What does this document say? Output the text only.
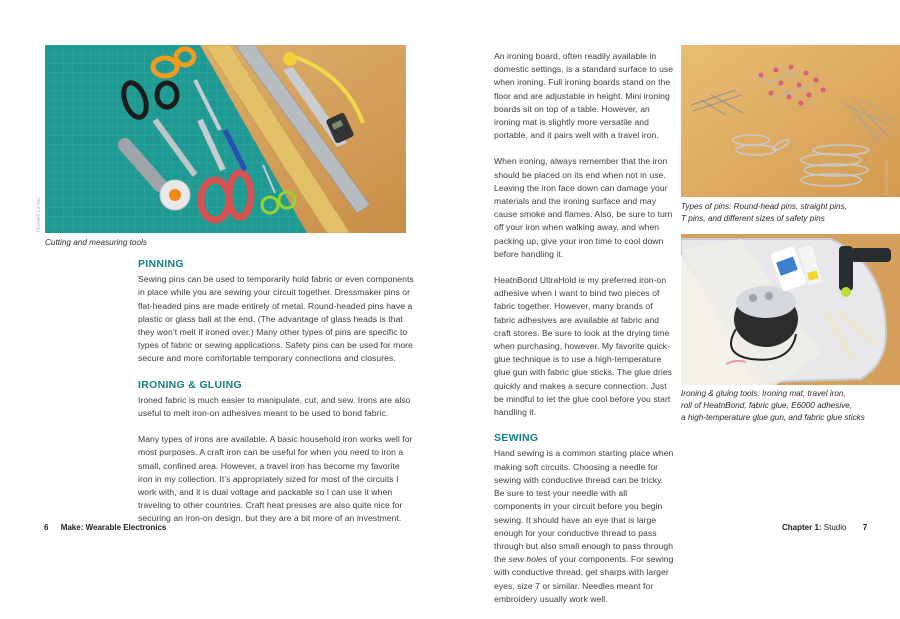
Maxwell Lander
Cutting and measuring tools
PINNING

Sewing pins can be used to temporarily hold fabric or even components in place while you are sewing your circuit together. Dressmaker pins or flat-headed pins are made entirely of metal. Round-headed pins have a plastic or glass ball at the end. (The advantage of glass heads is that they won’t melt if ironed over.) Many other types of pins are specific to types of fabric or sewing applications. Safety pins can be used for more secure and more comfortable temporary connections and closures.

IRONING & GLUING

Ironed fabric is much easier to manipulate, cut, and sew. Irons are also useful to melt iron-on adhesives meant to be used to bond fabric.

Many types of irons are available. A basic household iron works well for most purposes. A craft iron can be useful for when you need to iron a small, confined area. However, a travel iron has become my favorite iron in my collection. It’s appropriately sized for most of the circuits I work with, and it is dual voltage and packable so I can use it when traveling to other countries. Craft heat presses are also quite nice for securing an iron-on design, but they are a bit more of an investment.

6 Make: Wearable Electronics

An ironing board, often readily available in domestic settings, is a standard surface to use when ironing. Full ironing boards stand on the floor and are adjustable in height. Mini ironing boards sit on top of a table. However, an ironing mat is slightly more versatile and portable, and it pairs well with a travel iron.

When ironing, always remember that the iron should be placed on its end when not in use. Leaving the iron face down can damage your materials and the ironing surface and may cause smoke and flames. Also, be sure to turn off your iron when walking away, and when packing up, give your iron time to cool down before handling it.

HeatnBond UltraHold is my preferred iron-on adhesive when I want to bind two pieces of fabric together. However, many brands of fabric adhesives are available at fabric and craft stores. Be sure to look at the drying time when purchasing, however. My favorite quick-glue technique is to use a high-temperature glue gun with fabric glue sticks. The glue dries quickly and makes a secure connection. Just be mindful to let the glue cool before you start handling it.

SEWING

Hand sewing is a common starting place when making soft circuits. Choosing a needle for sewing with conductive thread can be tricky. Be sure to test your needle with all components in your circuit before you begin sewing. It should have an eye that is large enough for your conductive thread to pass through but also small enough to pass through the sew holes of your components. For sewing with conductive thread, get sharps with larger eyes, size 7 or similar. Needles meant for embroidery usually work well.

Maxwell Lander
Types of pins: Round-head pins, straight pins,
T pins, and different sizes of safety pins
Ironing & gluing tools: Ironing mat, travel iron,
roll of HeatnBond, fabric glue, E6000 adhesive,
a high-temperature glue gun, and fabric glue sticks
Chapter 1: Studio 7
